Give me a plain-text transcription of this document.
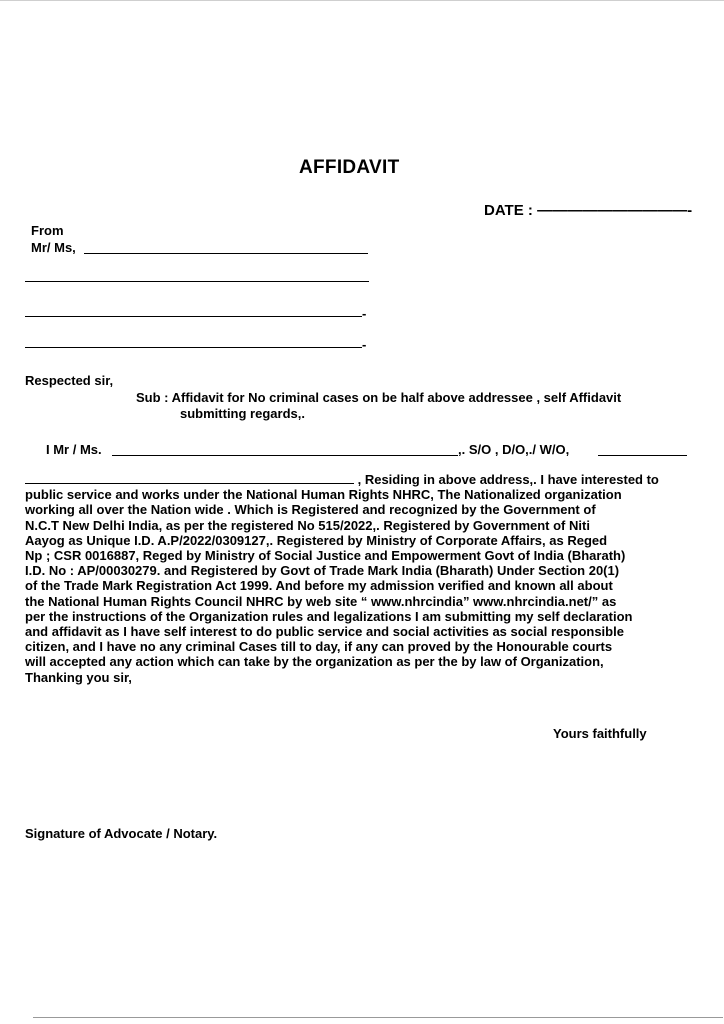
AFFIDAVIT
DATE : ——————————-
From
Mr/ Ms,
-
-
Respected sir,
Sub : Affidavit for No criminal cases on be half above addressee , self Affidavit
submitting regards,.
I Mr / Ms.	,. S/O , D/O,./ W/O,
, Residing in above address,. I have interested to
public service and works under the National Human Rights NHRC, The Nationalized organization
working all over the Nation wide . Which is Registered and recognized by the Government of
N.C.T New Delhi India, as per the registered No 515/2022,. Registered by Government of Niti
Aayog as Unique I.D. A.P/2022/0309127,. Registered by Ministry of Corporate Affairs, as Reged
Np ; CSR 0016887, Reged by Ministry of Social Justice and Empowerment Govt of India (Bharath)
I.D. No : AP/00030279. and Registered by Govt of Trade Mark India (Bharath) Under Section 20(1)
of the Trade Mark Registration Act 1999. And before my admission verified and known all about
the National Human Rights Council NHRC by web site “ www.nhrcindia” www.nhrcindia.net/” as
per the instructions of the Organization rules and legalizations I am submitting my self declaration
and affidavit as I have self interest to do public service and social activities as social responsible
citizen, and I have no any criminal Cases till to day, if any can proved by the Honourable courts
will accepted any action which can take by the organization as per the by law of Organization,
Thanking you sir,
Yours faithfully
Signature of Advocate / Notary.
